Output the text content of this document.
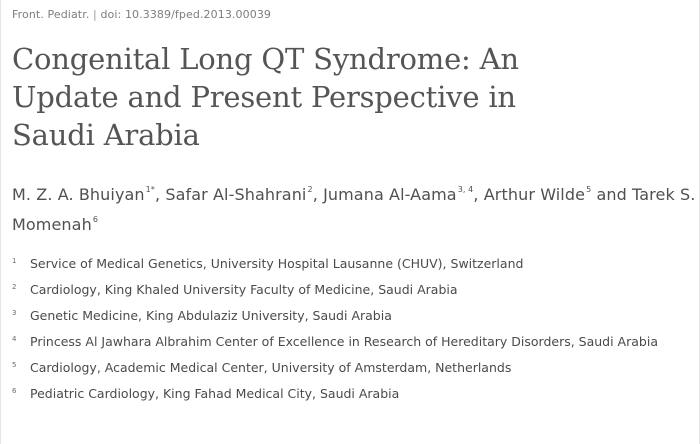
Front. Pediatr. | doi: 10.3389/fped.2013.00039
Congenital Long QT Syndrome: An
Update and Present Perspective in
Saudi Arabia
M. Z. A. Bhuiyan$^{1*}$, Safar Al-Shahrani$^2$, Jumana Al-Aama$^{3, 4}$, Arthur Wilde$^5$ and Tarek S. Momenah$^6$
1 Service of Medical Genetics, University Hospital Lausanne (CHUV), Switzerland
2 Cardiology, King Khaled University Faculty of Medicine, Saudi Arabia
3 Genetic Medicine, King Abdulaziz University, Saudi Arabia
4 Princess Al Jawhara Albrahim Center of Excellence in Research of Hereditary Disorders, Saudi Arabia
5 Cardiology, Academic Medical Center, University of Amsterdam, Netherlands
6 Pediatric Cardiology, King Fahad Medical City, Saudi Arabia
